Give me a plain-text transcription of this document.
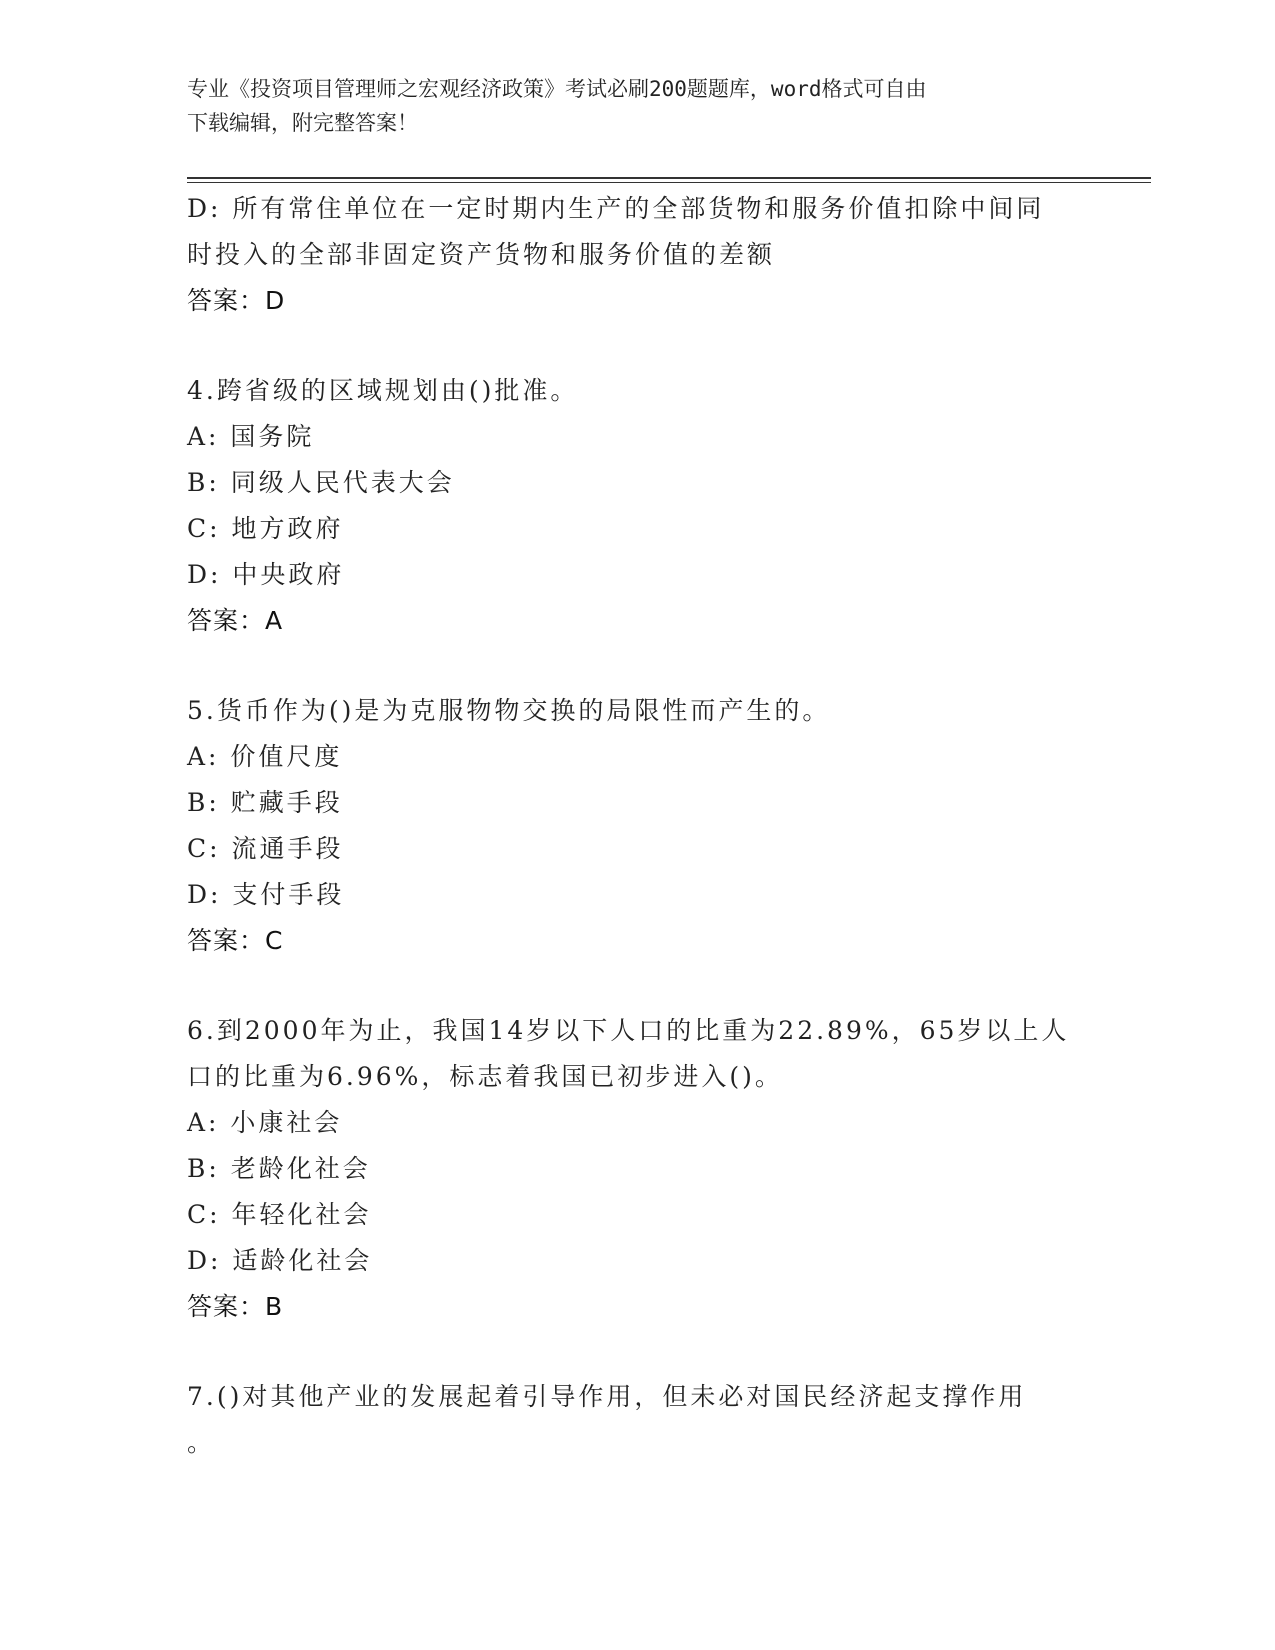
专业《投资项目管理师之宏观经济政策》考试必刷200题题库，word格式可自由
下载编辑，附完整答案！
D: 所有常住单位在一定时期内生产的全部货物和服务价值扣除中间同
时投入的全部非固定资产货物和服务价值的差额
答案：D
4.跨省级的区域规划由()批准。
A: 国务院
B: 同级人民代表大会
C: 地方政府
D: 中央政府
答案：A
5.货币作为()是为克服物物交换的局限性而产生的。
A: 价值尺度
B: 贮藏手段
C: 流通手段
D: 支付手段
答案：C
6.到2000年为止，我国14岁以下人口的比重为22.89%，65岁以上人
口的比重为6.96%，标志着我国已初步进入()。
A: 小康社会
B: 老龄化社会
C: 年轻化社会
D: 适龄化社会
答案：B
7.()对其他产业的发展起着引导作用，但未必对国民经济起支撑作用
。
